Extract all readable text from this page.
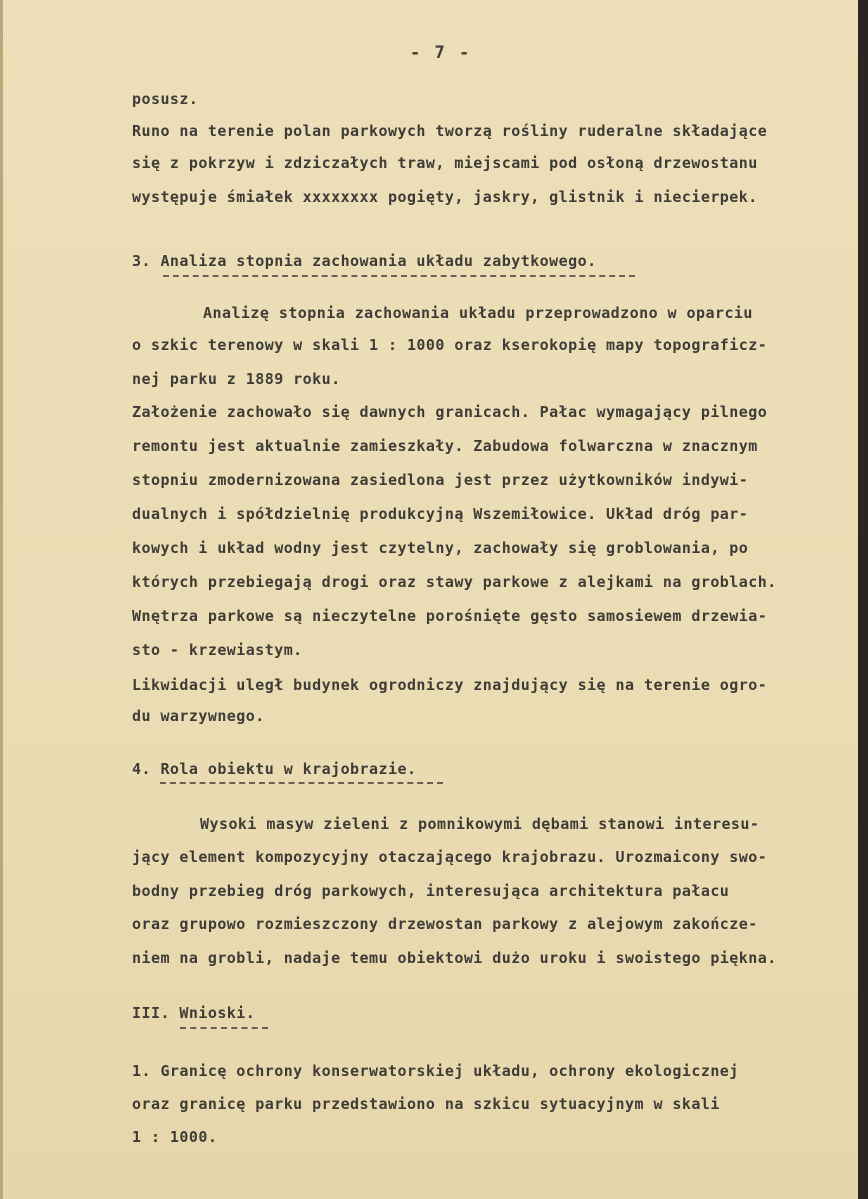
- 7 -
posusz.
Runo na terenie polan parkowych tworzą rośliny ruderalne składające
się z pokrzyw i zdziczałych traw, miejscami pod osłoną drzewostanu
występuje śmiałek xxxxxxxx pogięty, jaskry, glistnik i niecierpek.
3. Analiza stopnia zachowania układu zabytkowego.
Analizę stopnia zachowania układu przeprowadzono w oparciu
o szkic terenowy w skali 1 : 1000 oraz kserokopię mapy topograficz-
nej parku z 1889 roku.
Założenie zachowało się dawnych granicach. Pałac wymagający pilnego
remontu jest aktualnie zamieszkały. Zabudowa folwarczna w znacznym
stopniu zmodernizowana zasiedlona jest przez użytkowników indywi-
dualnych i spółdzielnię produkcyjną Wszemiłowice. Układ dróg par-
kowych i układ wodny jest czytelny, zachowały się groblowania, po
których przebiegają drogi oraz stawy parkowe z alejkami na groblach.
Wnętrza parkowe są nieczytelne porośnięte gęsto samosiewem drzewia-
sto - krzewiastym.
Likwidacji uległ budynek ogrodniczy znajdujący się na terenie ogro-
du warzywnego.
4. Rola obiektu w krajobrazie.
Wysoki masyw zieleni z pomnikowymi dębami stanowi interesu-
jący element kompozycyjny otaczającego krajobrazu. Urozmaicony swo-
bodny przebieg dróg parkowych, interesująca architektura pałacu
oraz grupowo rozmieszczony drzewostan parkowy z alejowym zakończe-
niem na grobli, nadaje temu obiektowi dużo uroku i swoistego piękna.
III. Wnioski.
1. Granicę ochrony konserwatorskiej układu, ochrony ekologicznej
oraz granicę parku przedstawiono na szkicu sytuacyjnym w skali
1 : 1000.
